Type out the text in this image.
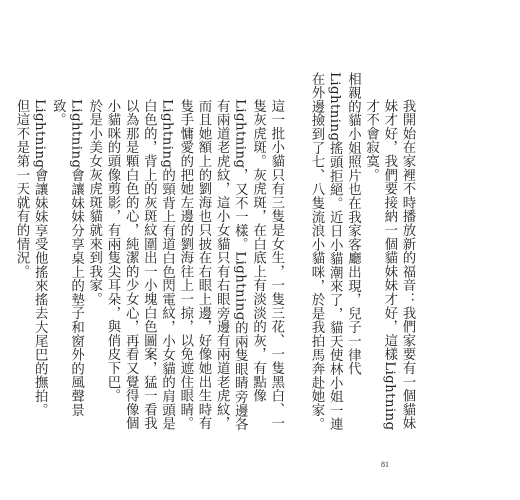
我開始在家裡不時播放新的福音：我們家要有一個貓妹妹才好，我們要接納一個貓妹妹才好，這樣Lightning才不會寂寞。

相親的貓小姐照片也在我家客廳出現，兒子一律代Lightning搖頭拒絕。近日小貓潮來了，貓天使林小姐一連在外邊撿到了七、八隻流浪小貓咪，於是我拍馬奔赴她家。

這一批小貓只有三隻是女生，一隻三花、一隻黑白、一隻灰虎斑。灰虎斑，在白底上有淡淡的灰，有點像Lightning，又不一樣。Lightning的兩隻眼睛旁邊各有兩道老虎紋，這小女貓只有右眼旁邊有兩道老虎紋，而且她額上的劉海也只披在右眼上邊，好像她出生時有隻手慵愛的把她左邊的劉海往上一掠，以免遮住眼睛。Lightning的頸背上有道白色閃電紋，小女貓的肩頭是白色的，背上的灰斑紋圍出一小塊白色圖案，猛一看我以為那是顆白色的心，純潔的少女心，再看又覺得像個小貓咪的頭像剪影，有兩隻尖耳朵，與俏皮下巴。

於是小美女灰虎斑貓就來到我家。

Lightning會讓妹妹分享桌上的墊子和窗外的風聲景致。

Lightning會讓妹妹享受他搖來搖去大尾巴的撫拍。

但這不是第一天就有的情況。

81
